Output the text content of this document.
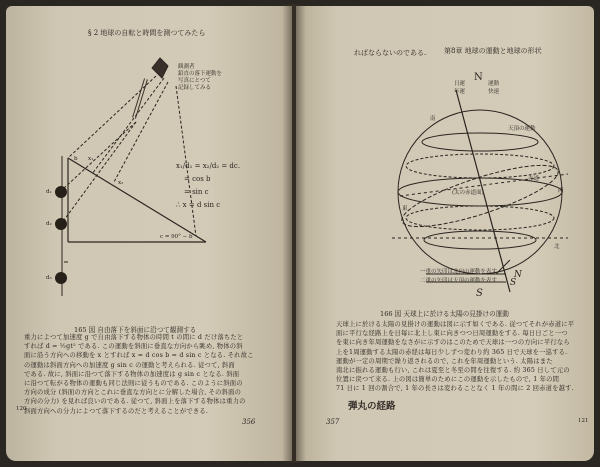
§ 2 地球の自転と時間を測つてみたら
観測者
鉛直の落下運動を
写真にとつて
記録してみる
b x₁
x₂
d₁
d₂
d₃
x₁/d₁ = x₂/d₂ = dc.
= cos b
= sin c
∴ x = d sin c
c = 90° − b
165 図 自由落下を斜面に沿つて観測する
重力によつて加速度 g で自由落下する物体の時間 t の間に d だけ落ちたと
すれば d = ½gt² である. この運動を斜面に垂直な方向から眺め, 物体の斜
面に沿う方向への移動を x とすれば x = d cos b = d sin c となる. それ故こ
の運動は斜面方向への加速度 g sin c の運動と考えられる. 従つて, 斜面
である. 故に, 斜面に沿つて落下する物体の加速度は g sin c となる. 斜面
に沿つて転がる物体の運動も同じ法則に従うものである. このように斜面の
方向の成分 (斜面の方向とこれに垂直な方向とに分解した場合, その斜面の
方向の分力) を見れば良いのである. 従つて, 斜面上を落下する物体は重力の
斜面方向への分力によつて落下するのだと考えることができる.
120
356
第8章 地球の運動と地球の形状
ればならないのである.
N
日運
年運
運動
快速
天頂の運動
赤道
(太の赤道面)
南
北
東
西
一重の矢印は北向の運動を表す
二重の矢印は天頂の運動を表す
N
S
S
166 図 天球上に於ける太陽の見掛けの運動
天球上に於ける太陽の見掛けの運動は図に示す如くである. 従つてそれが赤道に平
面に平行な経路上を日毎に北上し東に向きつつ日周運動をする. 毎日日ごと一つ
を東に向き年周運動をなさがに示すのはこのためで天球は一つの方向に平行なら
上を1周運動する太陽の赤経は毎日少しずつ変わり約 365 日で天球を一巡する.
運動が一定の周期で繰り返されるので, これを年周運動という. 太陽はまた
南北に振れる運動も行い, これは夏至と冬至の間を往復する. 約 365 日して元の
位置に戻つて来る. 上の図は簡単のためにこの運動を示したもので, 1 年の間
71 日に 1 回の割合で, 1 年の長さは変わることなく 1 年の間に 2 回赤道を越す.
弾丸の経路
357	121
